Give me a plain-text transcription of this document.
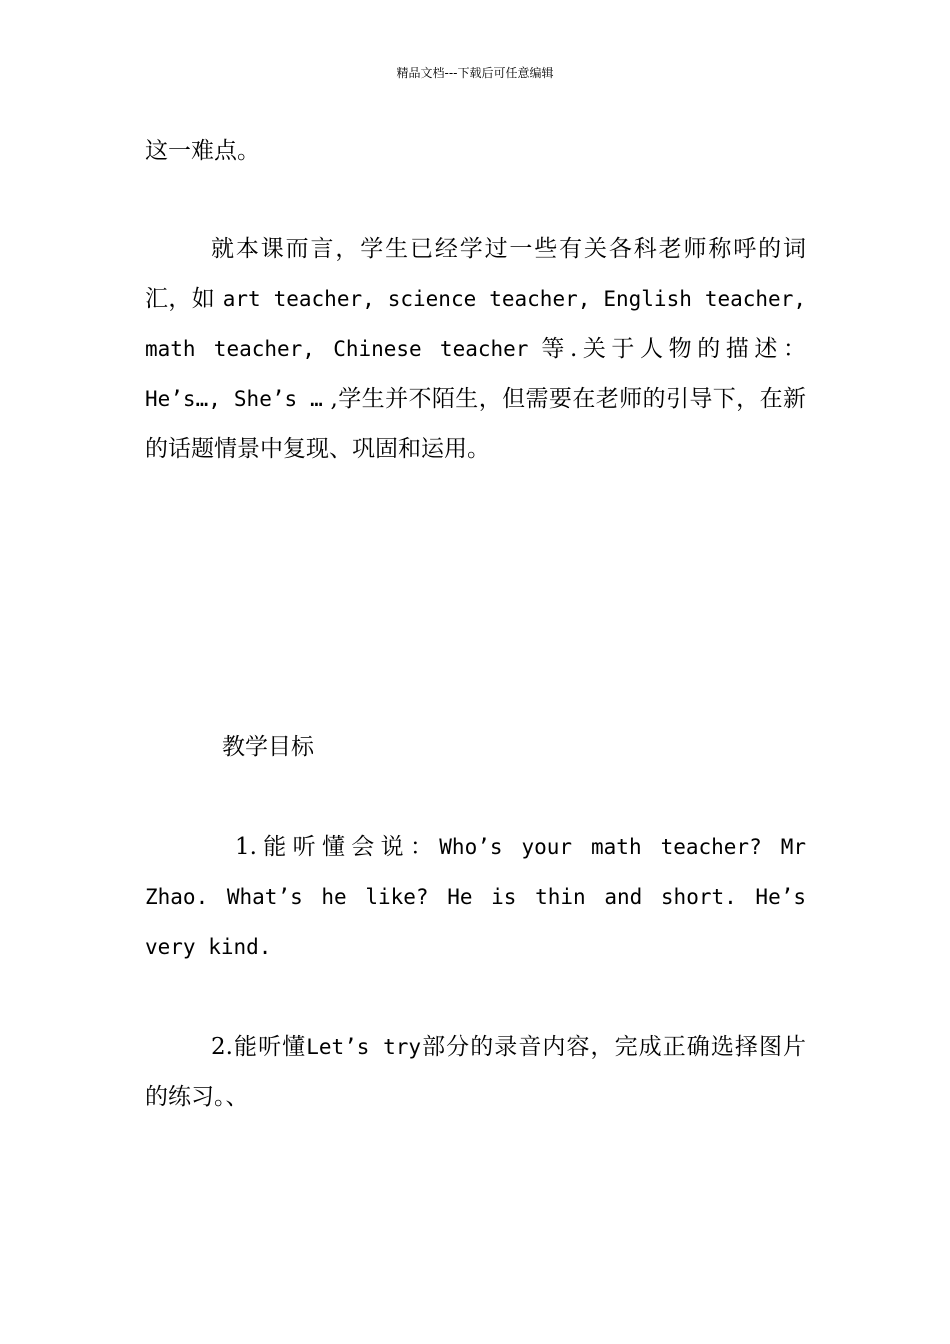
精品文档---下载后可任意编辑

这一难点。

就本课而言，学生已经学过一些有关各科老师称呼的词汇，如 art teacher, science teacher, English teacher, math teacher, Chinese teacher 等.关于人物的描述：He’s…, She’s … ,学生并不陌生，但需要在老师的引导下，在新的话题情景中复现、巩固和运用。

教学目标

1.能听懂会说：Who’s your math teacher? Mr Zhao. What’s he like? He is thin and short. He’s very kind.

2.能听懂Let’s try部分的录音内容，完成正确选择图片的练习。、
